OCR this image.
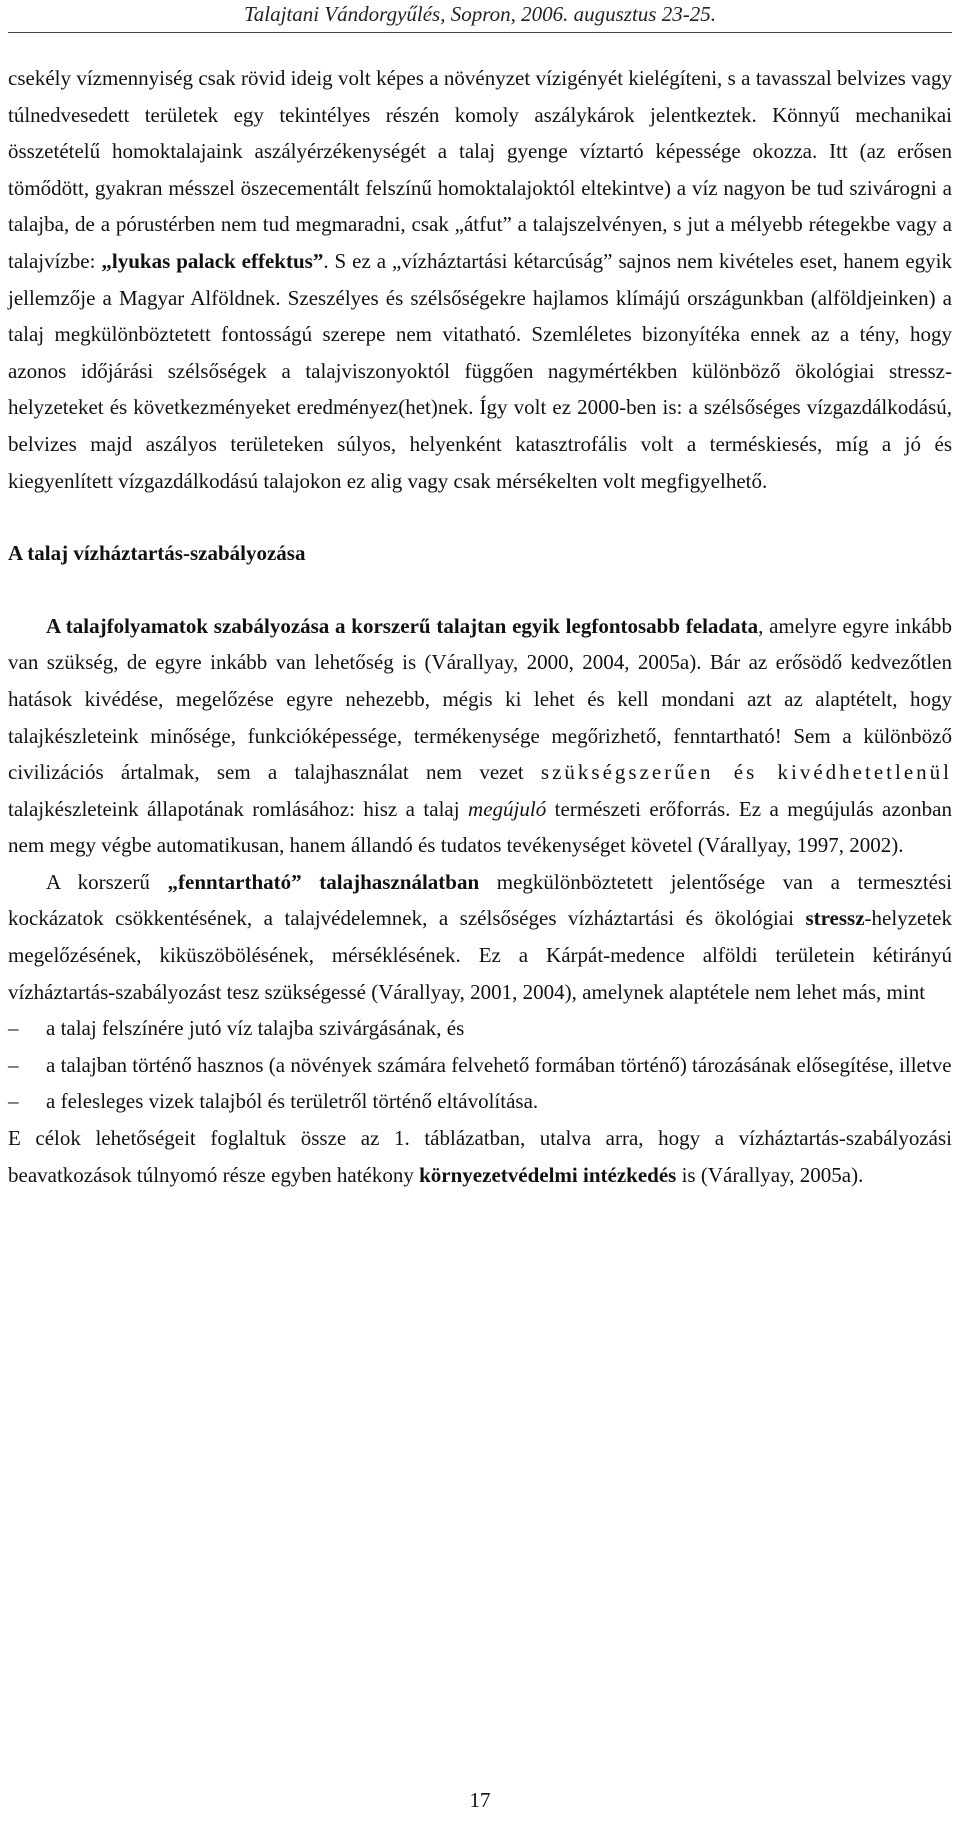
Talajtani Vándorgyűlés, Sopron, 2006. augusztus 23-25.

csekély vízmennyiség csak rövid ideig volt képes a növényzet vízigényét kielégíteni, s a tavasszal belvizes vagy túlnedvesedett területek egy tekintélyes részén komoly aszálykárok jelentkeztek. Könnyű mechanikai összetételű homoktalajaink aszályérzékenységét a talaj gyenge víztartó képessége okozza. Itt (az erősen tömődött, gyakran mésszel öszecementált felszínű homoktalajoktól eltekintve) a víz nagyon be tud szivárogni a talajba, de a pórustérben nem tud megmaradni, csak „átfut” a talajszelvényen, s jut a mélyebb rétegekbe vagy a talajvízbe: „lyukas palack effektus”. S ez a „vízháztartási kétarcúság” sajnos nem kivételes eset, hanem egyik jellemzője a Magyar Alföldnek. Szeszélyes és szélsőségekre hajlamos klímájú országunkban (alföldjeinken) a talaj megkülönböztetett fontosságú szerepe nem vitatható. Szemléletes bizonyítéka ennek az a tény, hogy azonos időjárási szélsőségek a talajviszonyoktól függően nagymértékben különböző ökológiai stressz-helyzeteket és következményeket eredményez(het)nek. Így volt ez 2000-ben is: a szélsőséges vízgazdálkodású, belvizes majd aszályos területeken súlyos, helyenként katasztrofális volt a terméskiesés, míg a jó és kiegyenlített vízgazdálkodású talajokon ez alig vagy csak mérsékelten volt megfigyelhető.

A talaj vízháztartás-szabályozása

A talajfolyamatok szabályozása a korszerű talajtan egyik legfontosabb feladata, amelyre egyre inkább van szükség, de egyre inkább van lehetőség is (Várallyay, 2000, 2004, 2005a). Bár az erősödő kedvezőtlen hatások kivédése, megelőzése egyre nehezebb, mégis ki lehet és kell mondani azt az alaptételt, hogy talajkészleteink minősége, funkcióképessége, termékenysége megőrizhető, fenntartható! Sem a különböző civilizációs ártalmak, sem a talajhasználat nem vezet szükségszerűen és kivédhetetlenül talajkészleteink állapotának romlásához: hisz a talaj megújuló természeti erőforrás. Ez a megújulás azonban nem megy végbe automatikusan, hanem állandó és tudatos tevékenységet követel (Várallyay, 1997, 2002).

A korszerű „fenntartható” talajhasználatban megkülönböztetett jelentősége van a termesztési kockázatok csökkentésének, a talajvédelemnek, a szélsőséges vízháztartási és ökológiai stressz-helyzetek megelőzésének, kiküszöbölésének, mérséklésének. Ez a Kárpát-medence alföldi területein kétirányú vízháztartás-szabályozást tesz szükségessé (Várallyay, 2001, 2004), amelynek alaptétele nem lehet más, mint

– a talaj felszínére jutó víz talajba szivárgásának, és
– a talajban történő hasznos (a növények számára felvehető formában történő) tározásának elősegítése, illetve
– a felesleges vizek talajból és területről történő eltávolítása.

E célok lehetőségeit foglaltuk össze az 1. táblázatban, utalva arra, hogy a vízháztartás-szabályozási beavatkozások túlnyomó része egyben hatékony környezetvédelmi intézkedés is (Várallyay, 2005a).

17
